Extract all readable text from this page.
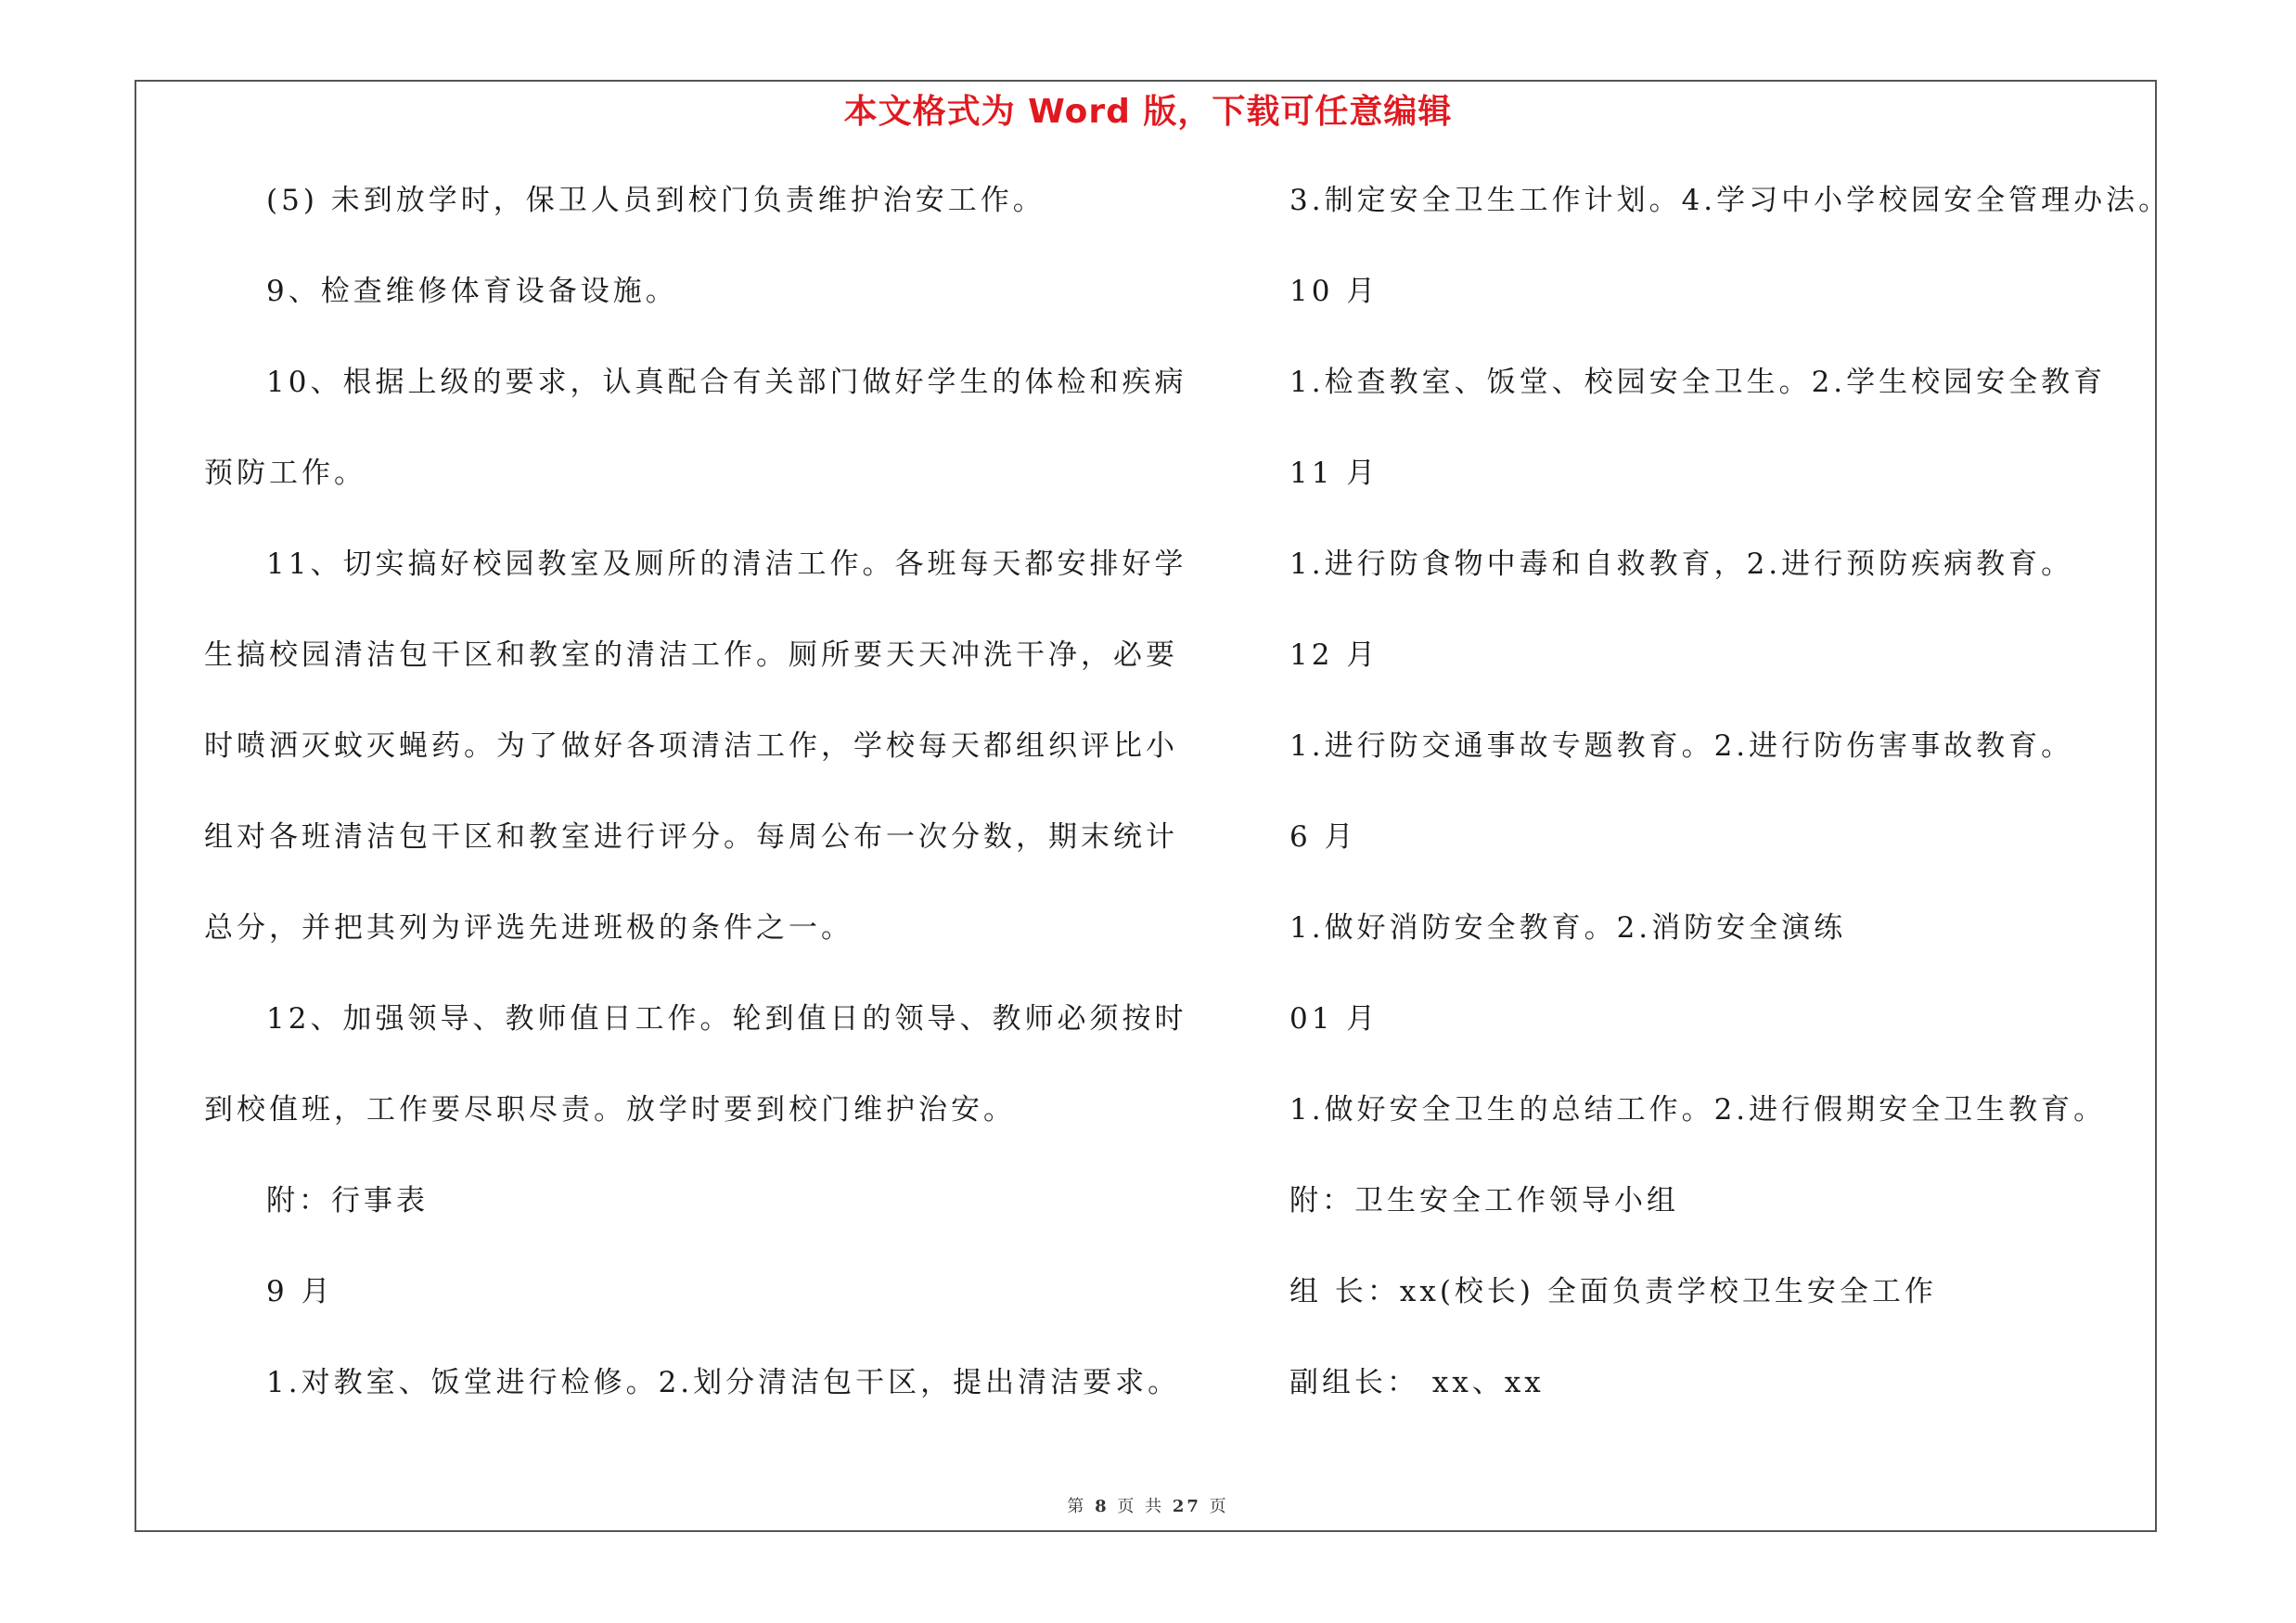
本文格式为 Word 版，下载可任意编辑
(5) 未到放学时，保卫人员到校门负责维护治安工作。
9、检查维修体育设备设施。
10、根据上级的要求，认真配合有关部门做好学生的体检和疾病
预防工作。
11、切实搞好校园教室及厕所的清洁工作。各班每天都安排好学
生搞校园清洁包干区和教室的清洁工作。厕所要天天冲洗干净，必要
时喷洒灭蚊灭蝇药。为了做好各项清洁工作，学校每天都组织评比小
组对各班清洁包干区和教室进行评分。每周公布一次分数，期末统计
总分，并把其列为评选先进班极的条件之一。
12、加强领导、教师值日工作。轮到值日的领导、教师必须按时
到校值班，工作要尽职尽责。放学时要到校门维护治安。
附：行事表
9 月
1.对教室、饭堂进行检修。2.划分清洁包干区，提出清洁要求。
3.制定安全卫生工作计划。4.学习中小学校园安全管理办法。
10 月
1.检查教室、饭堂、校园安全卫生。2.学生校园安全教育
11 月
1.进行防食物中毒和自救教育，2.进行预防疾病教育。
12 月
1.进行防交通事故专题教育。2.进行防伤害事故教育。
6 月
1.做好消防安全教育。2.消防安全演练
01 月
1.做好安全卫生的总结工作。2.进行假期安全卫生教育。
附：卫生安全工作领导小组
组 长：xx(校长) 全面负责学校卫生安全工作
副组长： xx、xx
第 8 页 共 27 页
